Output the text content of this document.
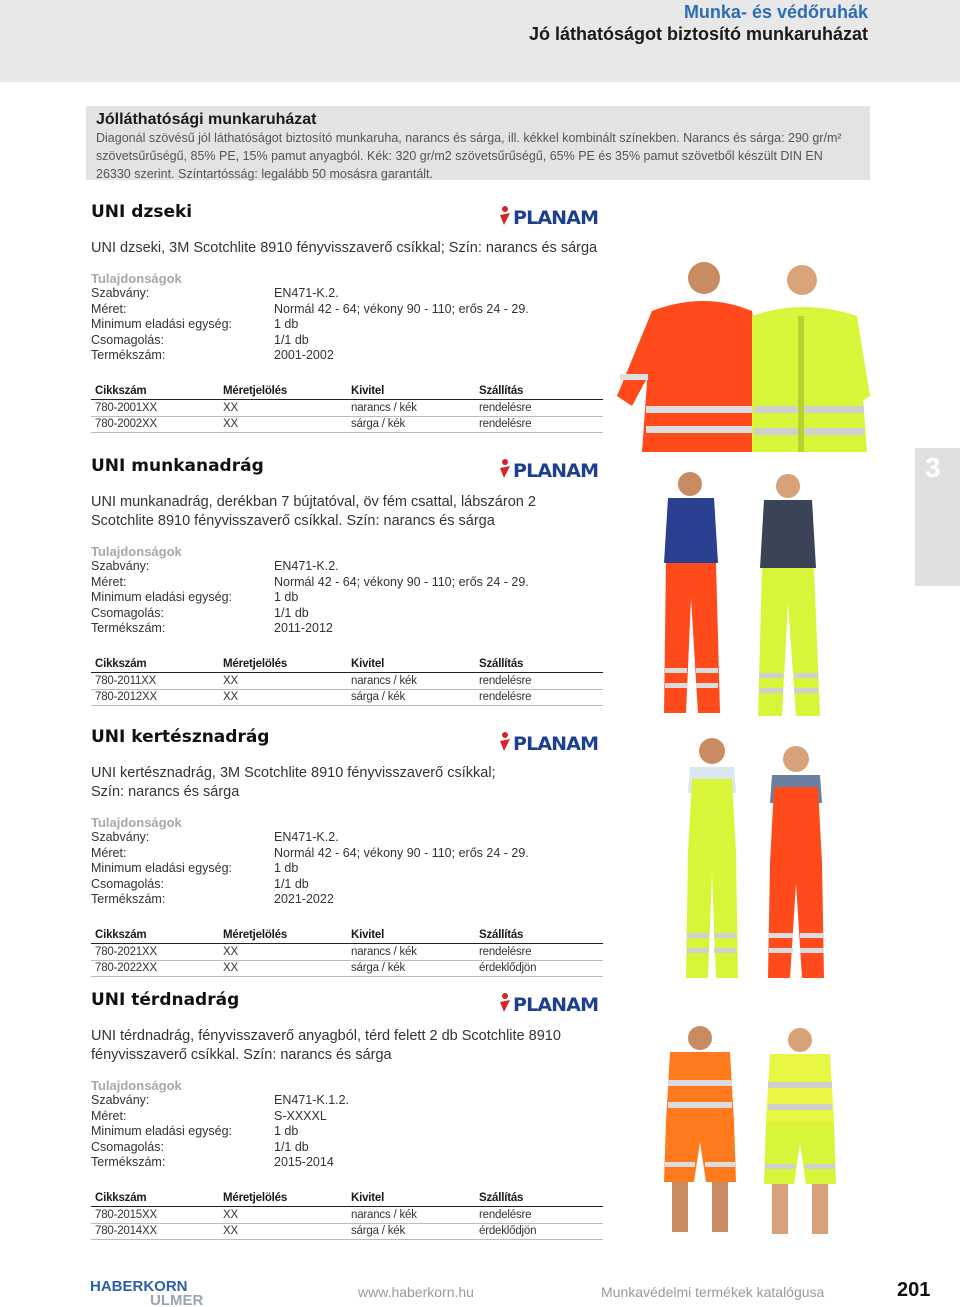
Munka- és védőruhák
Jó láthatóságot biztosító munkaruházat
Jólláthatósági munkaruházat
Diagonál szövésű jól láthatóságot biztosító munkaruha, narancs és sárga, ill. kékkel kombinált színekben. Narancs és sárga: 290 gr/m²
szövetsűrűségű, 85% PE, 15% pamut anyagból. Kék: 320 gr/m2 szövetsűrűségű, 65% PE és 35% pamut szövetből készült DIN EN
26330 szerint. Színtartósság: legalább 50 mosásra garantált.
UNI dzseki
UNI dzseki, 3M Scotchlite 8910 fényvisszaverő csíkkal; Szín: narancs és sárga
Tulajdonságok
Szabvány:	EN471-K.2.
Méret:	Normál 42 - 64; vékony 90 - 110; erős 24 - 29.
Minimum eladási egység:	1 db
Csomagolás:	1/1 db
Termékszám:	2001-2002
Cikkszám	Méretjelölés	Kivitel	Szállítás
780-2001XX	XX	narancs / kék	rendelésre
780-2002XX	XX	sárga / kék	rendelésre
PLANAM
UNI munkanadrág
UNI munkanadrág, derékban 7 bújtatóval, öv fém csattal, lábszáron 2
Scotchlite 8910 fényvisszaverő csíkkal. Szín: narancs és sárga
Tulajdonságok
Szabvány:	EN471-K.2.
Méret:	Normál 42 - 64; vékony 90 - 110; erős 24 - 29.
Minimum eladási egység:	1 db
Csomagolás:	1/1 db
Termékszám:	2011-2012
Cikkszám	Méretjelölés	Kivitel	Szállítás
780-2011XX	XX	narancs / kék	rendelésre
780-2012XX	XX	sárga / kék	rendelésre
PLANAM
UNI kertésznadrág
UNI kertésznadrág, 3M Scotchlite 8910 fényvisszaverő csíkkal;
Szín: narancs és sárga
Tulajdonságok
Szabvány:	EN471-K.2.
Méret:	Normál 42 - 64; vékony 90 - 110; erős 24 - 29.
Minimum eladási egység:	1 db
Csomagolás:	1/1 db
Termékszám:	2021-2022
Cikkszám	Méretjelölés	Kivitel	Szállítás
780-2021XX	XX	narancs / kék	rendelésre
780-2022XX	XX	sárga / kék	érdeklődjön
PLANAM
UNI térdnadrág
UNI térdnadrág, fényvisszaverő anyagból, térd felett 2 db Scotchlite 8910
fényvisszaverő csíkkal. Szín: narancs és sárga
Tulajdonságok
Szabvány:	EN471-K.1.2.
Méret:	S-XXXXL
Minimum eladási egység:	1 db
Csomagolás:	1/1 db
Termékszám:	2015-2014
Cikkszám	Méretjelölés	Kivitel	Szállítás
780-2015XX	XX	narancs / kék	rendelésre
780-2014XX	XX	sárga / kék	érdeklődjön
PLANAM
3
HABERKORN
ULMER	www.haberkorn.hu	Munkavédelmi termékek katalógusa	201
